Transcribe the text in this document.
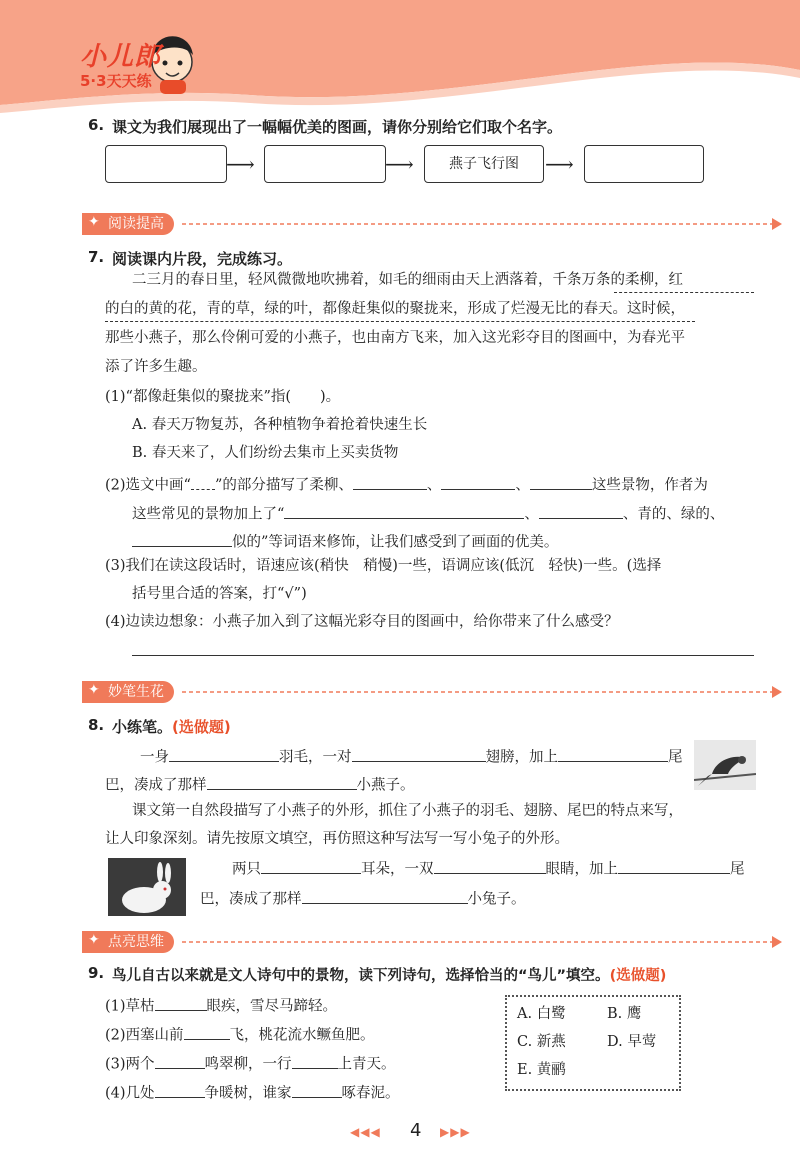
小儿郎
5·3天天练
6. 课文为我们展现出了一幅幅优美的图画，请你分别给它们取个名字。
⟶	⟶	燕子飞行图	⟶
阅读提高
✦
7. 阅读课内片段，完成练习。
二三月的春日里，轻风微微地吹拂着，如毛的细雨由天上洒落着，千条万条的柔柳，红
的白的黄的花，青的草，绿的叶，都像赶集似的聚拢来，形成了烂漫无比的春天。这时候，
那些小燕子，那么伶俐可爱的小燕子，也由南方飞来，加入这光彩夺目的图画中，为春光平
添了许多生趣。
(1)“都像赶集似的聚拢来”指(　　)。
A. 春天万物复苏，各种植物争着抢着快速生长
B. 春天来了，人们纷纷去集市上买卖货物
(2)选文中画“ ”的部分描写了柔柳、	、	、	这些景物，作者为
这些常见的景物加上了“	、	、青的、绿的、
似的”等词语来修饰，让我们感受到了画面的优美。
(3)我们在读这段话时，语速应该(稍快　稍慢)一些，语调应该(低沉　轻快)一些。(选择
括号里合适的答案，打“√”)
(4)边读边想象：小燕子加入到了这幅光彩夺目的图画中，给你带来了什么感受？
妙笔生花
✦
8. 小练笔。(选做题)
一身	羽毛，一对	翅膀，加上	尾
巴，凑成了那样	小燕子。
课文第一自然段描写了小燕子的外形，抓住了小燕子的羽毛、翅膀、尾巴的特点来写，
让人印象深刻。请先按原文填空，再仿照这种写法写一写小兔子的外形。
两只	耳朵，一双	眼睛，加上	尾
巴，凑成了那样	小兔子。
点亮思维
✦
9. 鸟儿自古以来就是文人诗句中的景物，读下列诗句，选择恰当的“鸟儿”填空。(选做题)
(1)草枯	眼疾，雪尽马蹄轻。
(2)西塞山前	飞，桃花流水鳜鱼肥。
(3)两个	鸣翠柳，一行	上青天。
(4)几处	争暖树，谁家	啄春泥。
A. 白鹭	B. 鹰
C. 新燕	D. 早莺
E. 黄鹂
◀◀◀ 4 ▶▶▶
